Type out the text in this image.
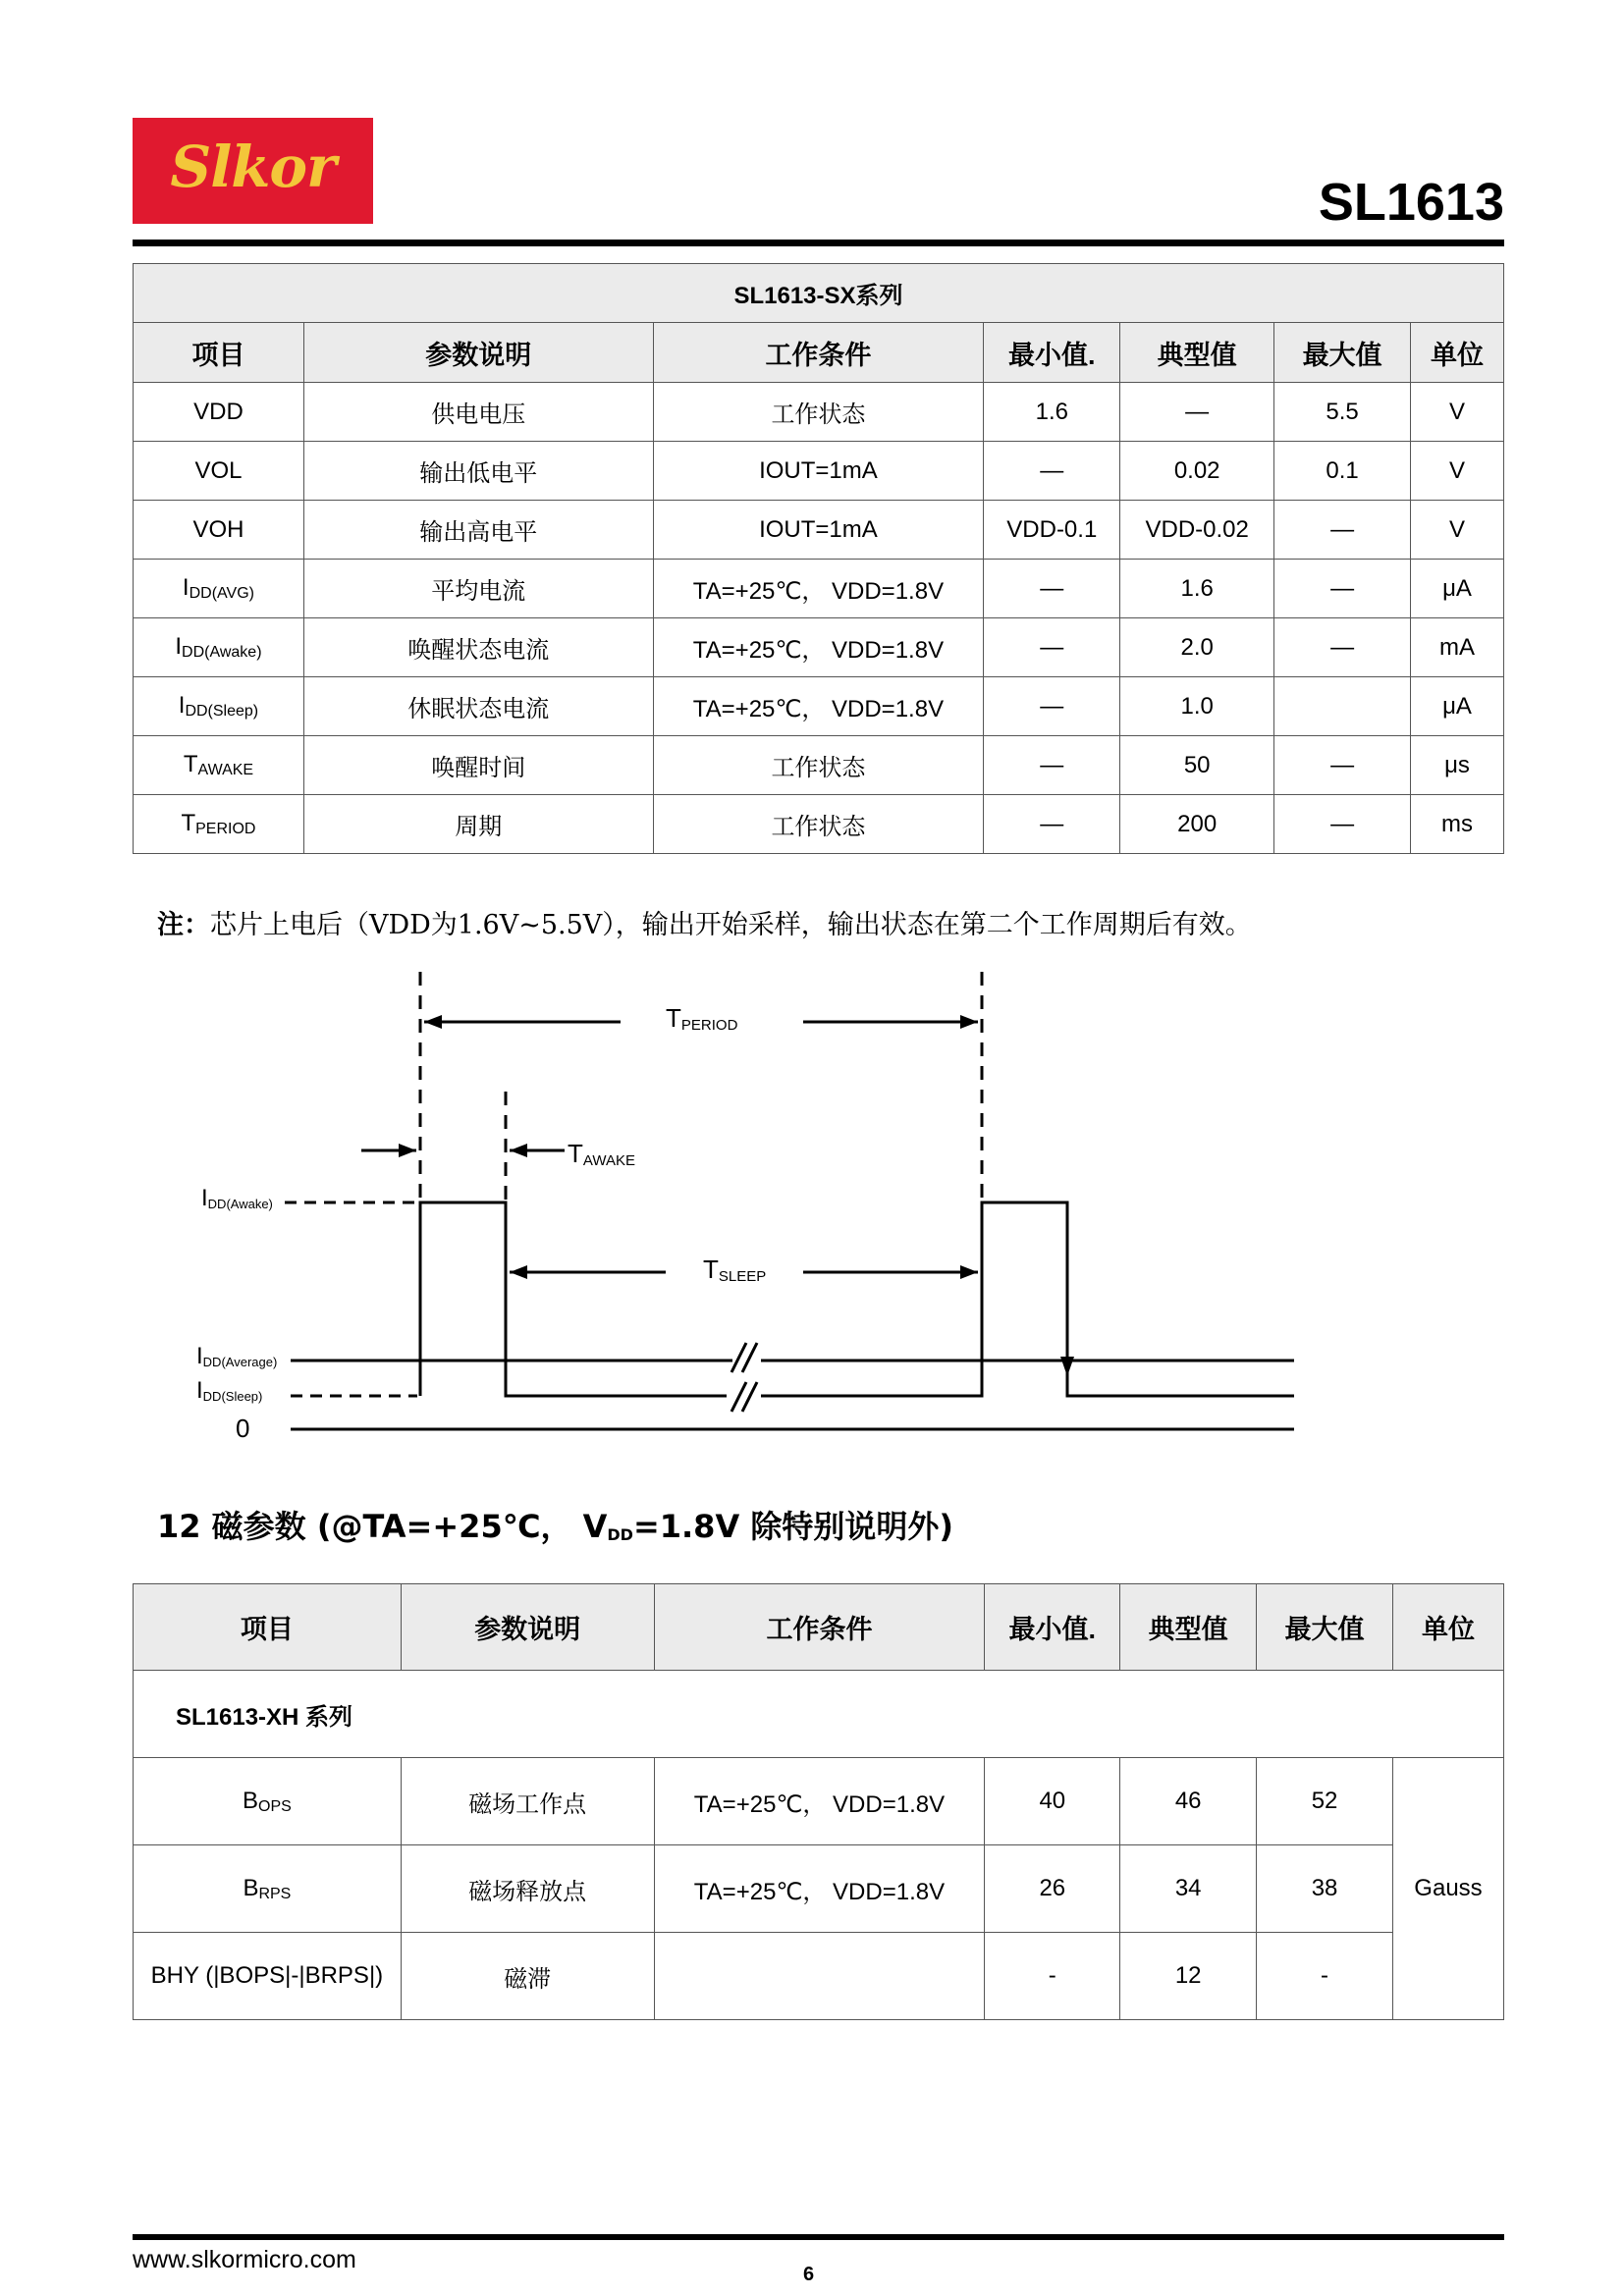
Slkor
SL1613
SL1613-SX系列						
项目	参数说明	工作条件	最小值.	典型值	最大值	单位
VDD	供电电压	工作状态	1.6	—	5.5	V
VOL	输出低电平	IOUT=1mA	—	0.02	0.1	V
VOH	输出高电平	IOUT=1mA	VDD-0.1	VDD-0.02	—	V
$I_{DD(AVG)}$	平均电流	TA=+25℃， VDD=1.8V	—	1.6	—	μA
$I_{DD(Awake)}$	唤醒状态电流	TA=+25℃， VDD=1.8V	—	2.0	—	mA
$I_{DD(Sleep)}$	休眠状态电流	TA=+25℃， VDD=1.8V	—	1.0		μA
$T_{AWAKE}$	唤醒时间	工作状态	—	50	—	μs
$T_{PERIOD}$	周期	工作状态	—	200	—	ms
注：芯片上电后（VDD为1.6V~5.5V），输出开始采样，输出状态在第二个工作周期后有效。
TPERIOD
TAWAKE
TSLEEP
IDD(Awake)
IDD(Average)
IDD(Sleep)
0
12 磁参数 (@TA=+25℃， $V_{DD}=1.8V$ 除特别说明外)
项目	参数说明	工作条件	最小值.	典型值	最大值	单位
SL1613-XH 系列						
$B_{OPS}$	磁场工作点	TA=+25℃， VDD=1.8V	40	46	52	Gauss
$B_{RPS}$	磁场释放点	TA=+25℃， VDD=1.8V	26	34	38	
BHY (|BOPS|-|BRPS|)	磁滞		-	12	-	
www.slkormicro.com
6
